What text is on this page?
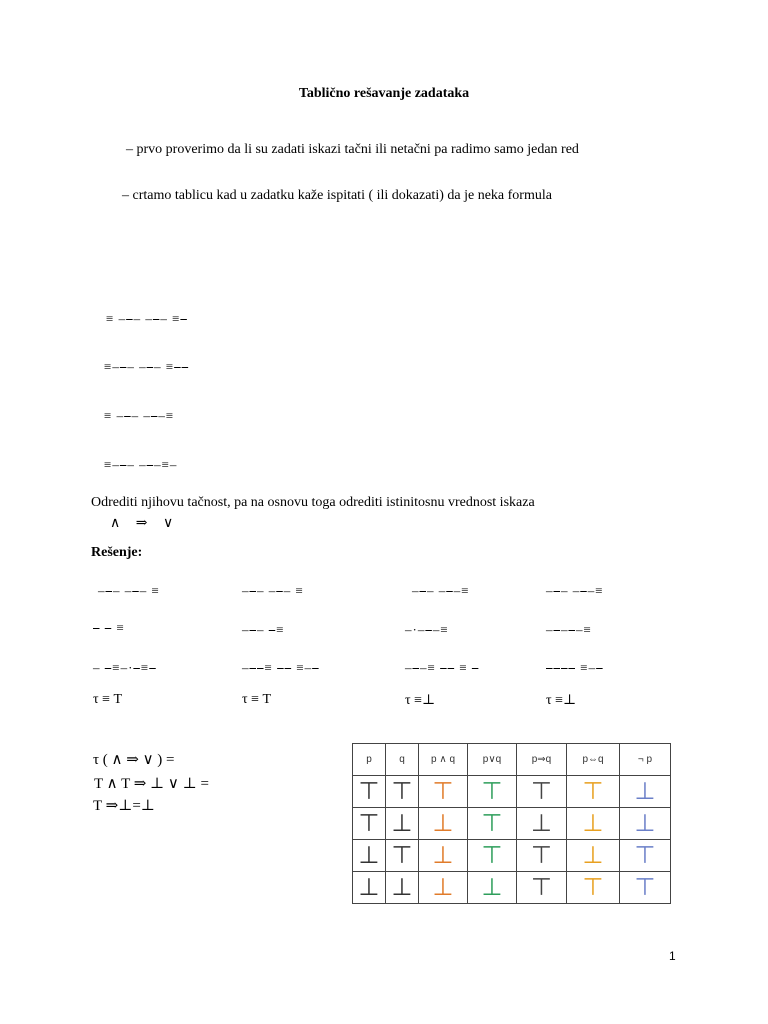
Tablično rešavanje zadataka
– prvo proverimo da li su zadati iskazi tačni ili netačni pa radimo samo jedan red
– crtamo tablicu kad u zadatku kaže ispitati ( ili dokazati) da je neka formula
≡ –⎯– –⎯– ≡⎯
≡–⎯– –⎯– ≡⎯⎯
≡ –⎯– –⎯–≡
≡–⎯– –⎯–≡–
Odrediti njihovu tačnost, pa na osnovu toga odrediti istinitosnu vrednost iskaza
∧ ⇒ ∨
Rešenje:
–⎯– –⎯– ≡
⎯ ⎯ ≡
– ⎯≡–·⎯≡⎯
τ ≡ T
–⎯– –⎯– ≡
–⎯– ⎯≡
–⎯⎯≡ ⎯⎯ ≡–⎯
τ ≡ T
–⎯– –⎯–≡
–·–⎯–≡
–⎯–≡ ⎯⎯ ≡ ⎯
τ ≡⊥
–⎯– –⎯–≡
–⎯–⎯–≡
⎯⎯⎯⎯ ≡–⎯
τ ≡⊥
τ ( ∧ ⇒ ∨ ) =
T ∧ T ⇒ ⊥ ∨ ⊥ =
T ⇒⊥=⊥
p	q	p ∧ q	p∨q	p⇒q	p⇔q	¬ p
⊤	⊤	⊤	⊤	⊤	⊤	⊥
⊤	⊥	⊥	⊤	⊥	⊥	⊥
⊥	⊤	⊥	⊤	⊤	⊥	⊤
⊥	⊥	⊥	⊥	⊤	⊤	⊤
1
